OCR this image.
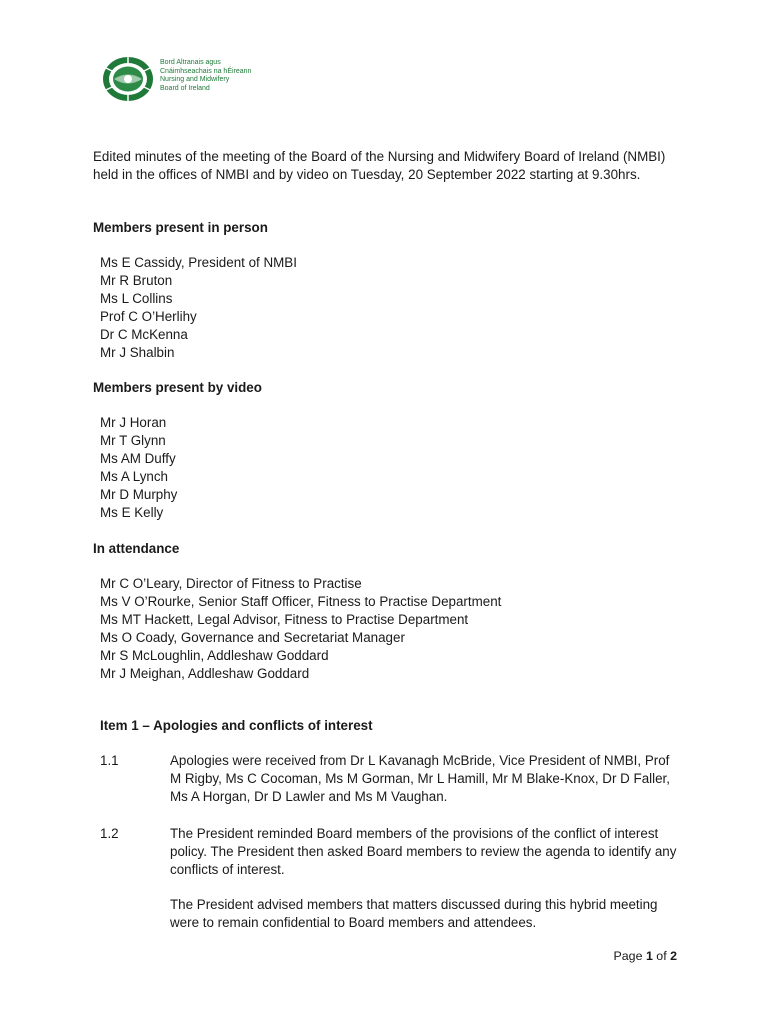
Bord Altranais agus
Cnáimhseachais na hÉireann
Nursing and Midwifery
Board of Ireland
Edited minutes of the meeting of the Board of the Nursing and Midwifery Board of Ireland (NMBI) held in the offices of NMBI and by video on Tuesday, 20 September 2022 starting at 9.30hrs.
Members present in person
Ms E Cassidy, President of NMBI
Mr R Bruton
Ms L Collins
Prof C O’Herlihy
Dr C McKenna
Mr J Shalbin
Members present by video
Mr J Horan
Mr T Glynn
Ms AM Duffy
Ms A Lynch
Mr D Murphy
Ms E Kelly
In attendance
Mr C O’Leary, Director of Fitness to Practise
Ms V O’Rourke, Senior Staff Officer, Fitness to Practise Department
Ms MT Hackett, Legal Advisor, Fitness to Practise Department
Ms O Coady, Governance and Secretariat Manager
Mr S McLoughlin, Addleshaw Goddard
Mr J Meighan, Addleshaw Goddard
Item 1 – Apologies and conflicts of interest
1.1	Apologies were received from Dr L Kavanagh McBride, Vice President of NMBI, Prof M Rigby, Ms C Cocoman, Ms M Gorman, Mr L Hamill, Mr M Blake-Knox, Dr D Faller, Ms A Horgan, Dr D Lawler and Ms M Vaughan.
1.2	The President reminded Board members of the provisions of the conflict of interest policy. The President then asked Board members to review the agenda to identify any conflicts of interest.
The President advised members that matters discussed during this hybrid meeting were to remain confidential to Board members and attendees.
Page 1 of 2
